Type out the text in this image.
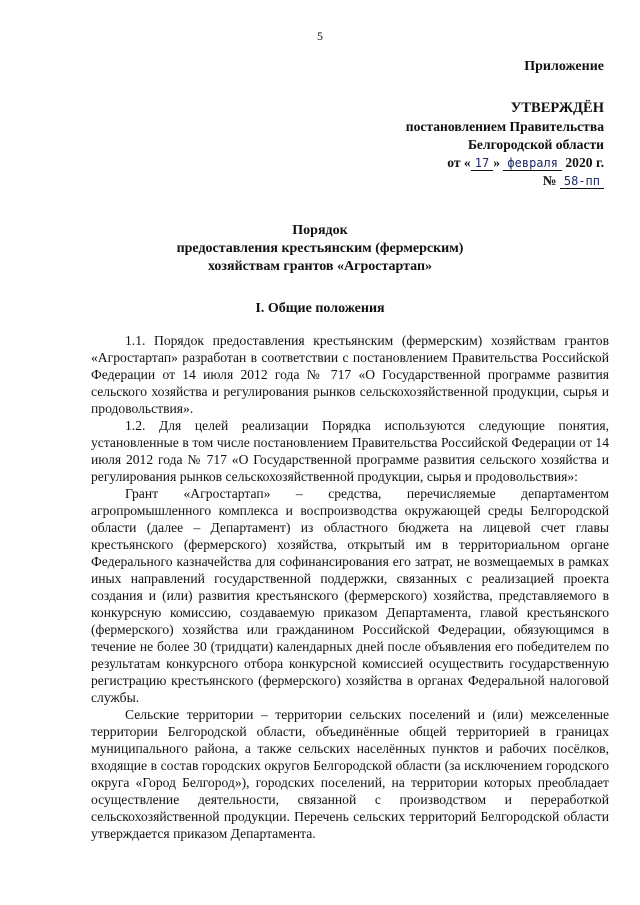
5
Приложение
УТВЕРЖДЁН
постановлением Правительства
Белгородской области
от « 17 » февраля 2020 г.
№ 58-пп
Порядок
предоставления крестьянским (фермерским)
хозяйствам грантов «Агростартап»
I. Общие положения

1.1. Порядок предоставления крестьянским (фермерским) хозяйствам грантов «Агростартап» разработан в соответствии с постановлением Правительства Российской Федерации от 14 июля 2012 года № 717 «О Государственной программе развития сельского хозяйства и регулирования рынков сельскохозяйственной продукции, сырья и продовольствия».

1.2. Для целей реализации Порядка используются следующие понятия, установленные в том числе постановлением Правительства Российской Федерации от 14 июля 2012 года № 717 «О Государственной программе развития сельского хозяйства и регулирования рынков сельскохозяйственной продукции, сырья и продовольствия»:

Грант «Агростартап» – средства, перечисляемые департаментом агропромышленного комплекса и воспроизводства окружающей среды Белгородской области (далее – Департамент) из областного бюджета на лицевой счет главы крестьянского (фермерского) хозяйства, открытый им в территориальном органе Федерального казначейства для софинансирования его затрат, не возмещаемых в рамках иных направлений государственной поддержки, связанных с реализацией проекта создания и (или) развития крестьянского (фермерского) хозяйства, представляемого в конкурсную комиссию, создаваемую приказом Департамента, главой крестьянского (фермерского) хозяйства или гражданином Российской Федерации, обязующимся в течение не более 30 (тридцати) календарных дней после объявления его победителем по результатам конкурсного отбора конкурсной комиссией осуществить государственную регистрацию крестьянского (фермерского) хозяйства в органах Федеральной налоговой службы.

Сельские территории – территории сельских поселений и (или) межселенные территории Белгородской области, объединённые общей территорией в границах муниципального района, а также сельских населённых пунктов и рабочих посёлков, входящие в состав городских округов Белгородской области (за исключением городского округа «Город Белгород»), городских поселений, на территории которых преобладает осуществление деятельности, связанной с производством и переработкой сельскохозяйственной продукции. Перечень сельских территорий Белгородской области утверждается приказом Департамента.
